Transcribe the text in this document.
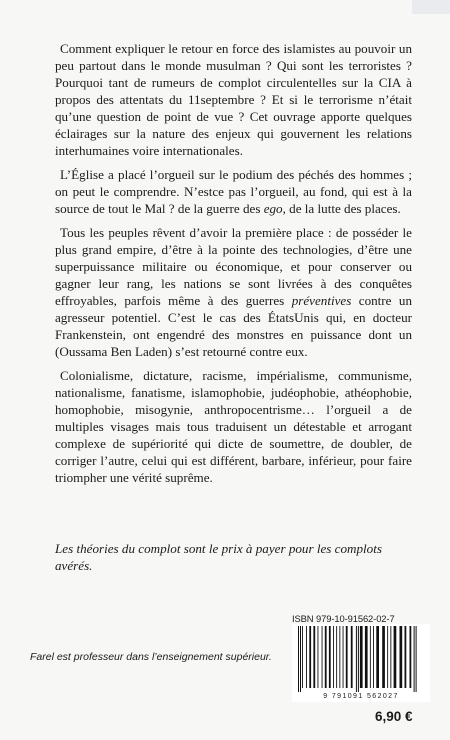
Comment expliquer le retour en force des islamistes au pouvoir un peu partout dans le monde musulman ? Qui sont les terroristes ? Pourquoi tant de rumeurs de complot circulentelles sur la CIA à propos des attentats du 11septembre ? Et si le terrorisme n’était qu’une question de point de vue ? Cet ouvrage apporte quelques éclairages sur la nature des enjeux qui gouvernent les relations interhumaines voire internationales.

L’Église a placé l’orgueil sur le podium des péchés des hommes ; on peut le comprendre. N’estce pas l’orgueil, au fond, qui est à la source de tout le Mal ? de la guerre des ego, de la lutte des places.

Tous les peuples rêvent d’avoir la première place : de posséder le plus grand empire, d’être à la pointe des technologies, d’être une superpuissance militaire ou économique, et pour conserver ou gagner leur rang, les nations se sont livrées à des conquêtes effroyables, parfois même à des guerres préventives contre un agresseur potentiel. C’est le cas des ÉtatsUnis qui, en docteur Frankenstein, ont engendré des monstres en puissance dont un (Oussama Ben Laden) s’est retourné contre eux.

Colonialisme, dictature, racisme, impérialisme, communisme, nationalisme, fanatisme, islamophobie, judéophobie, athéophobie, homophobie, misogynie, anthropocentrisme… l’orgueil a de multiples visages mais tous traduisent un détestable et arrogant complexe de supériorité qui dicte de soumettre, de doubler, de corriger l’autre, celui qui est différent, barbare, inférieur, pour faire triompher une vérité suprême.

Les théories du complot sont le prix à payer pour les complots avérés.

ISBN 979-10-91562-02-7

9 791091 562027

Farel est professeur dans l’enseignement supérieur.

6,90 €
